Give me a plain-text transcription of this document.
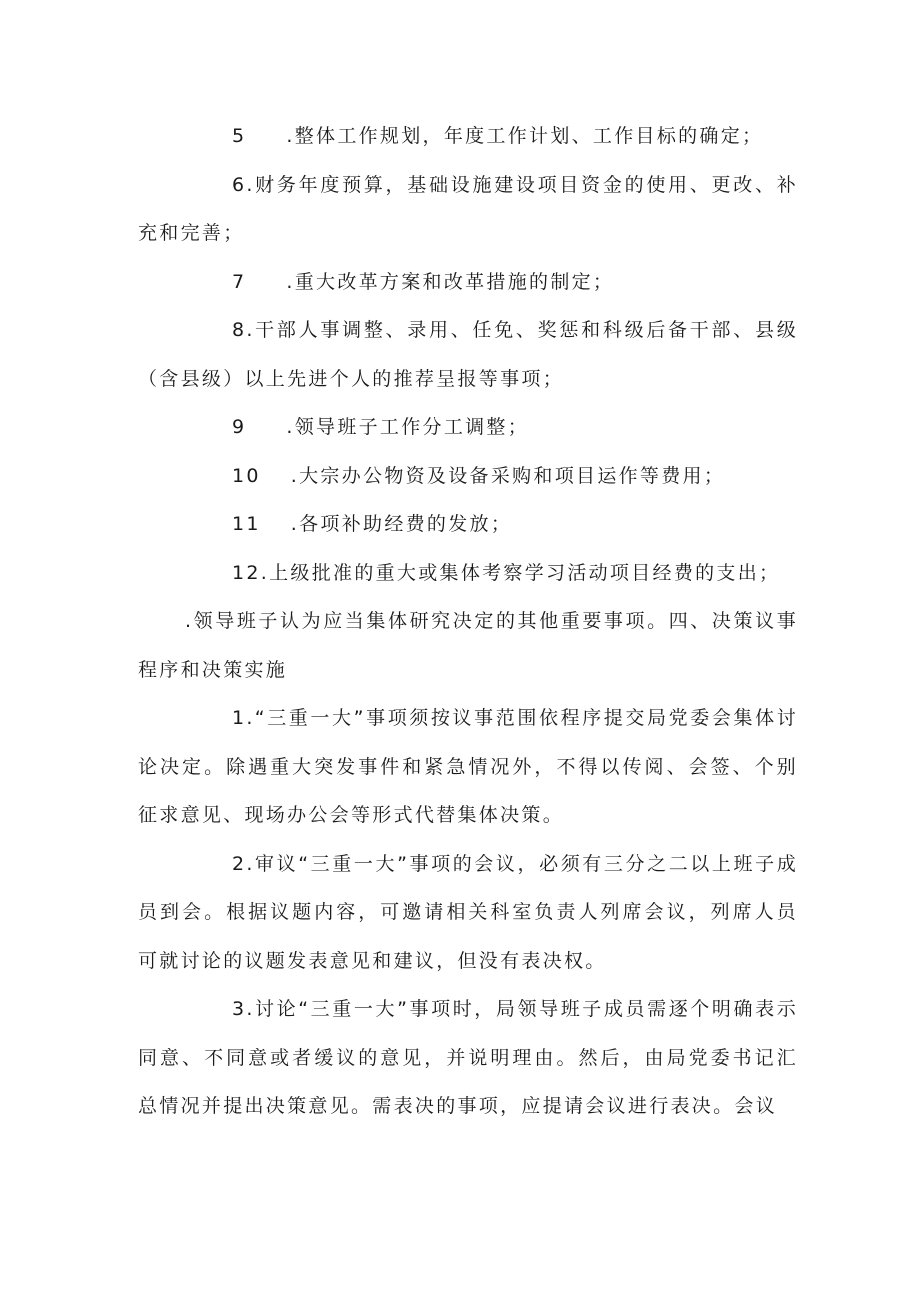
5 .整体工作规划，年度工作计划、工作目标的确定；

6.财务年度预算，基础设施建设项目资金的使用、更改、补充和完善；

7 .重大改革方案和改革措施的制定；

8.干部人事调整、录用、任免、奖惩和科级后备干部、县级（含县级）以上先进个人的推荐呈报等事项；

9 .领导班子工作分工调整；

10 .大宗办公物资及设备采购和项目运作等费用；

11 .各项补助经费的发放；

12.上级批准的重大或集体考察学习活动项目经费的支出；

.领导班子认为应当集体研究决定的其他重要事项。四、决策议事程序和决策实施

1.“三重一大”事项须按议事范围依程序提交局党委会集体讨论决定。除遇重大突发事件和紧急情况外，不得以传阅、会签、个别征求意见、现场办公会等形式代替集体决策。

2.审议“三重一大”事项的会议，必须有三分之二以上班子成员到会。根据议题内容，可邀请相关科室负责人列席会议，列席人员可就讨论的议题发表意见和建议，但没有表决权。

3.讨论“三重一大”事项时，局领导班子成员需逐个明确表示同意、不同意或者缓议的意见，并说明理由。然后，由局党委书记汇总情况并提出决策意见。需表决的事项，应提请会议进行表决。会议
